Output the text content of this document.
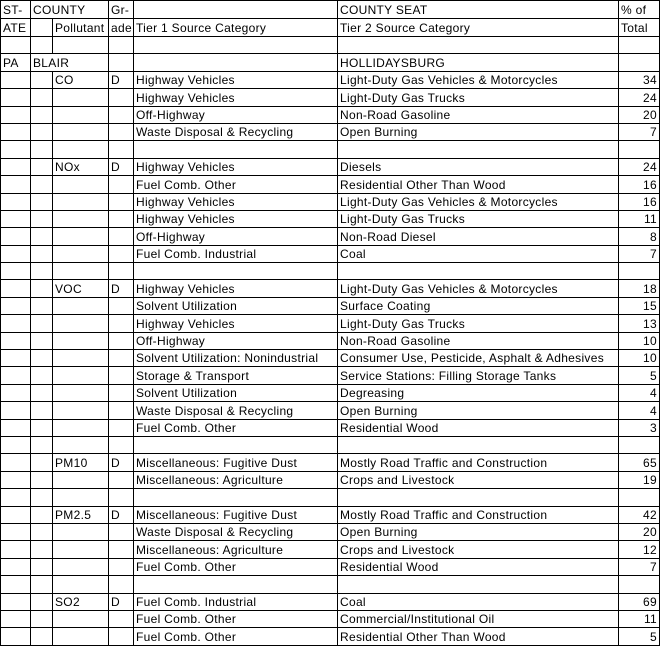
ST-	COUNTY		Gr-		COUNTY SEAT	% of
ATE		Pollutant	ade	Tier 1 Source Category	Tier 2 Source Category	Total

PA	BLAIR				HOLLIDAYSBURG	
		CO	D	Highway Vehicles	Light-Duty Gas Vehicles & Motorcycles	34
				Highway Vehicles	Light-Duty Gas Trucks	24
				Off-Highway	Non-Road Gasoline	20
				Waste Disposal & Recycling	Open Burning	7

		NOx	D	Highway Vehicles	Diesels	24
				Fuel Comb. Other	Residential Other Than Wood	16
				Highway Vehicles	Light-Duty Gas Vehicles & Motorcycles	16
				Highway Vehicles	Light-Duty Gas Trucks	11
				Off-Highway	Non-Road Diesel	8
				Fuel Comb. Industrial	Coal	7

		VOC	D	Highway Vehicles	Light-Duty Gas Vehicles & Motorcycles	18
				Solvent Utilization	Surface Coating	15
				Highway Vehicles	Light-Duty Gas Trucks	13
				Off-Highway	Non-Road Gasoline	10
				Solvent Utilization: Nonindustrial	Consumer Use, Pesticide, Asphalt & Adhesives	10
				Storage & Transport	Service Stations: Filling Storage Tanks	5
				Solvent Utilization	Degreasing	4
				Waste Disposal & Recycling	Open Burning	4
				Fuel Comb. Other	Residential Wood	3

		PM10	D	Miscellaneous: Fugitive Dust	Mostly Road Traffic and Construction	65
				Miscellaneous: Agriculture	Crops and Livestock	19

		PM2.5	D	Miscellaneous: Fugitive Dust	Mostly Road Traffic and Construction	42
				Waste Disposal & Recycling	Open Burning	20
				Miscellaneous: Agriculture	Crops and Livestock	12
				Fuel Comb. Other	Residential Wood	7

		SO2	D	Fuel Comb. Industrial	Coal	69
				Fuel Comb. Other	Commercial/Institutional Oil	11
				Fuel Comb. Other	Residential Other Than Wood	5
